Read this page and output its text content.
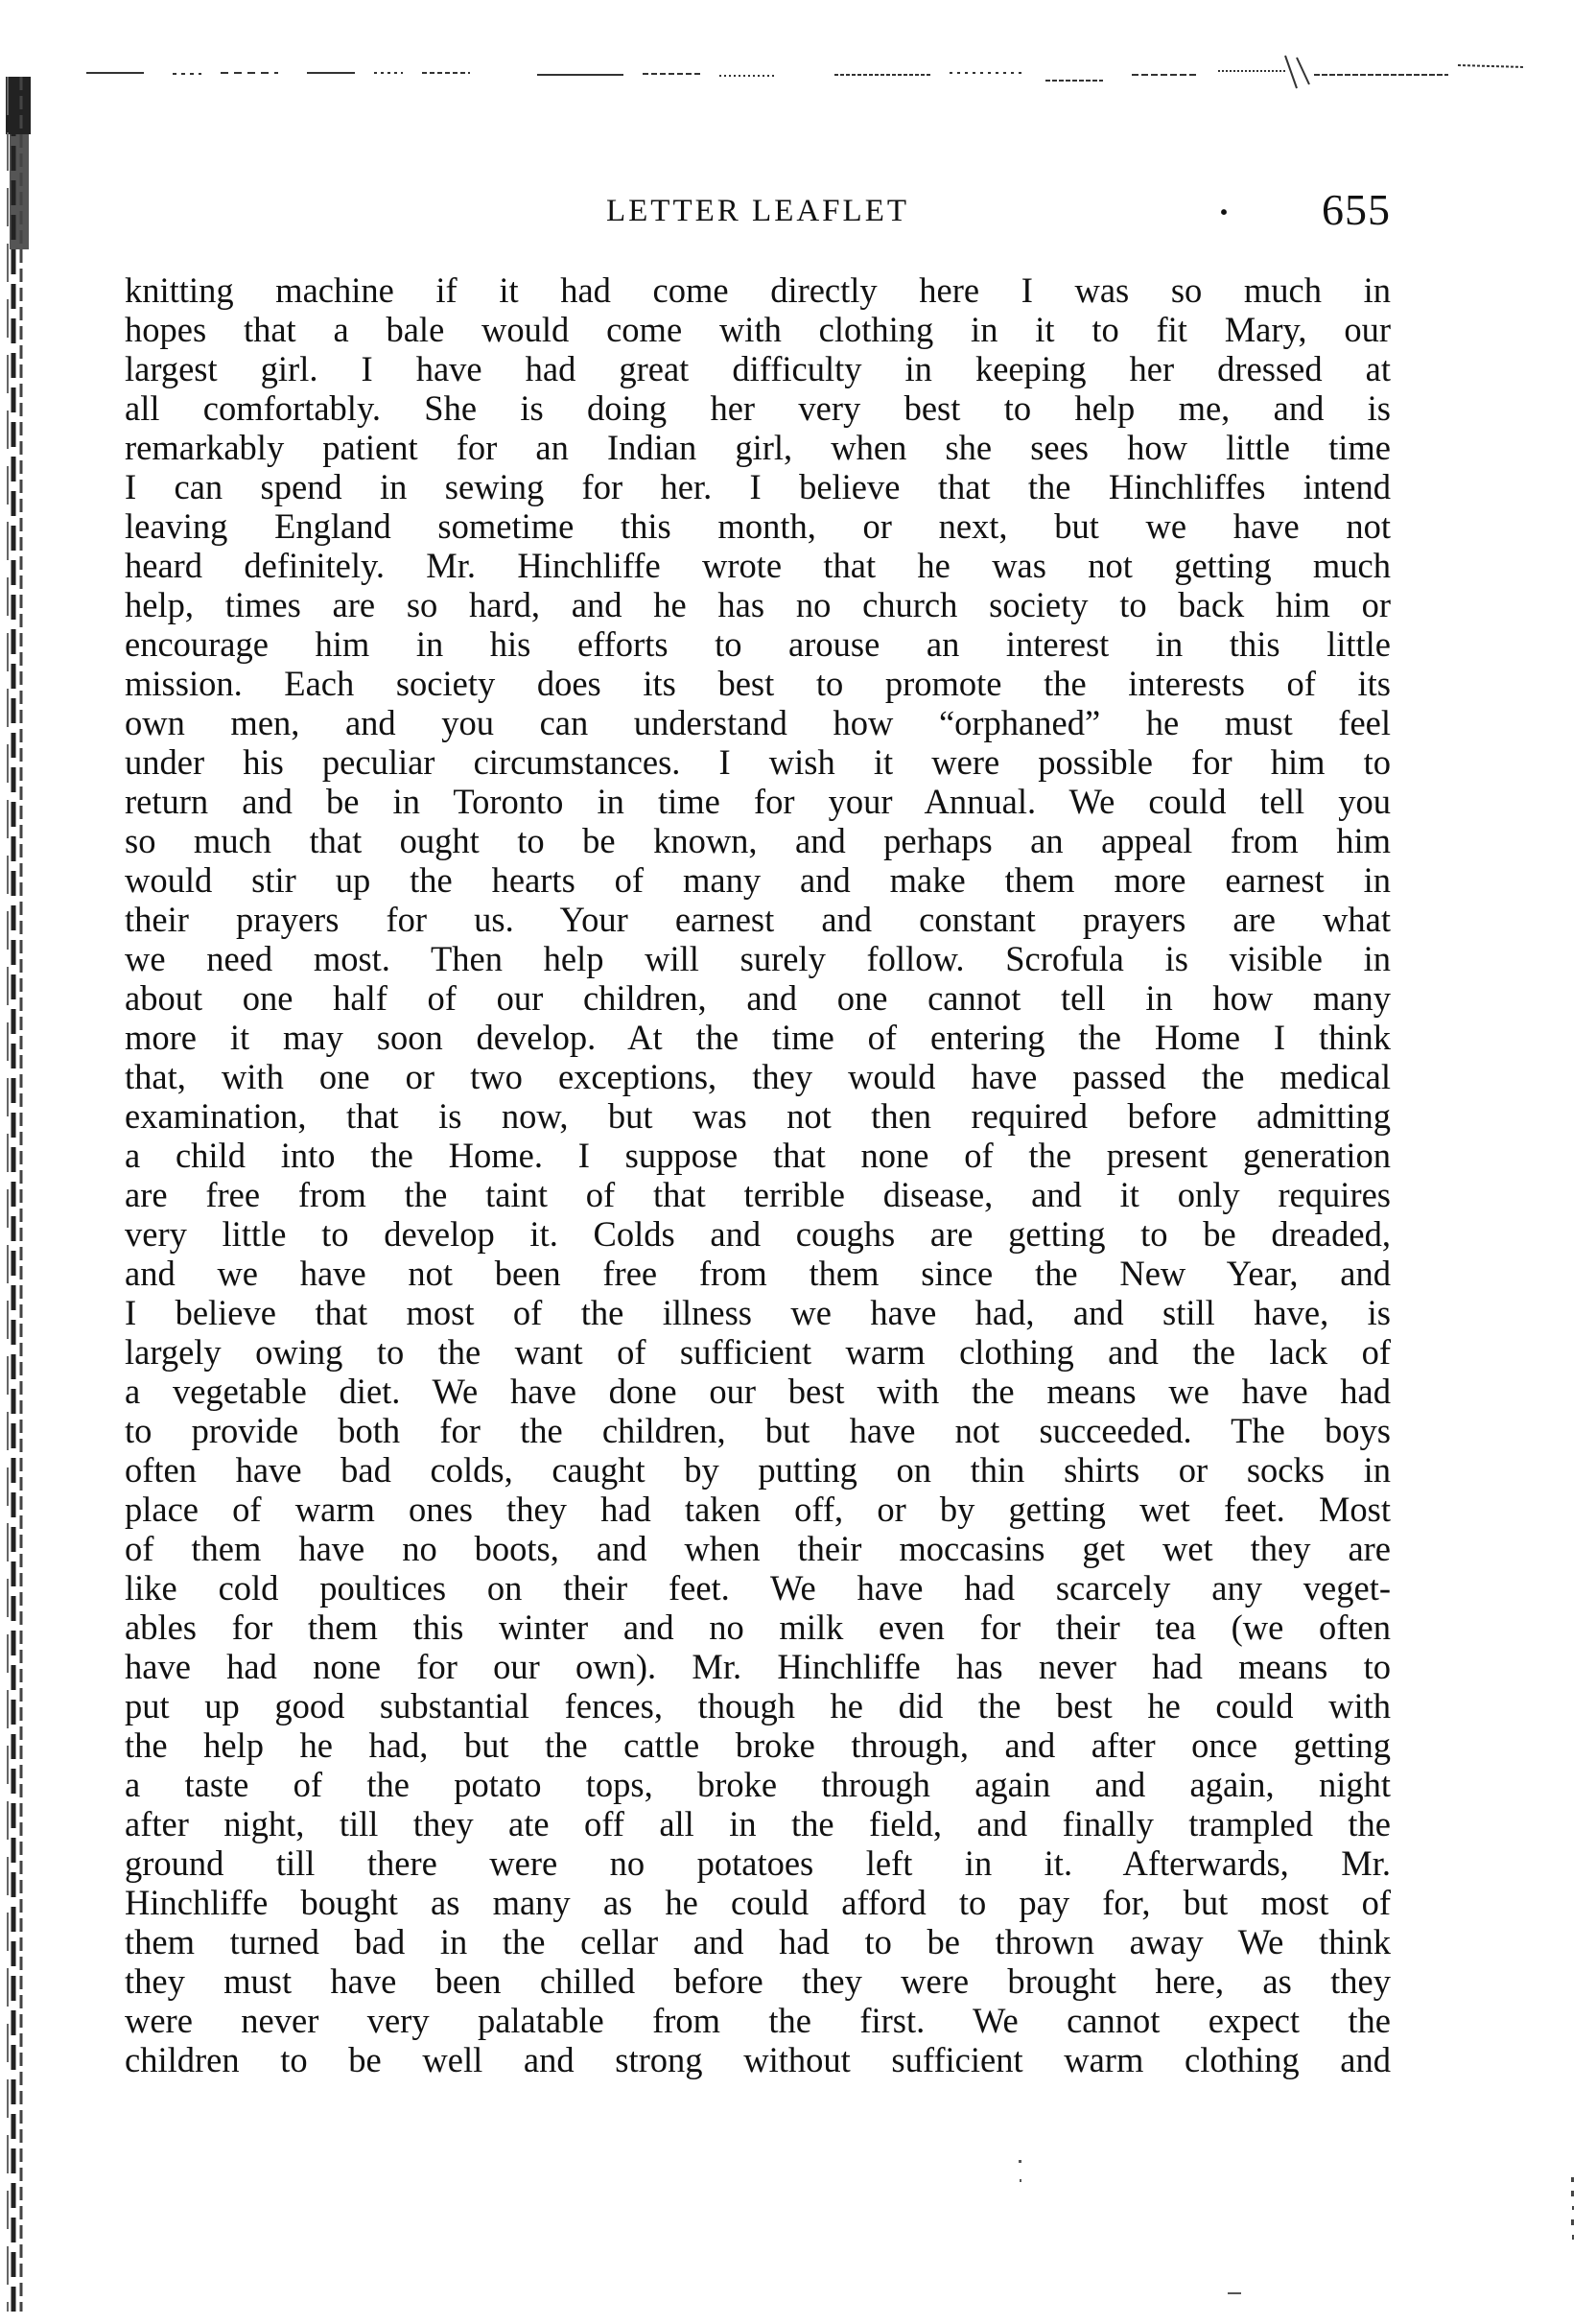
LETTER LEAFLET	· 655
knitting machine if it had come directly here I was so much in
hopes that a bale would come with clothing in it to fit Mary, our
largest girl. I have had great difficulty in keeping her dressed at
all comfortably. She is doing her very best to help me, and is
remarkably patient for an Indian girl, when she sees how little time
I can spend in sewing for her. I believe that the Hinchliffes intend
leaving England sometime this month, or next, but we have not
heard definitely. Mr. Hinchliffe wrote that he was not getting much
help, times are so hard, and he has no church society to back him or
encourage him in his efforts to arouse an interest in this little
mission. Each society does its best to promote the interests of its
own men, and you can understand how “orphaned” he must feel
under his peculiar circumstances. I wish it were possible for him to
return and be in Toronto in time for your Annual. We could tell you
so much that ought to be known, and perhaps an appeal from him
would stir up the hearts of many and make them more earnest in
their prayers for us. Your earnest and constant prayers are what
we need most. Then help will surely follow. Scrofula is visible in
about one half of our children, and one cannot tell in how many
more it may soon develop. At the time of entering the Home I think
that, with one or two exceptions, they would have passed the medical
examination, that is now, but was not then required before admitting
a child into the Home. I suppose that none of the present generation
are free from the taint of that terrible disease, and it only requires
very little to develop it. Colds and coughs are getting to be dreaded,
and we have not been free from them since the New Year, and
I believe that most of the illness we have had, and still have, is
largely owing to the want of sufficient warm clothing and the lack of
a vegetable diet. We have done our best with the means we have had
to provide both for the children, but have not succeeded. The boys
often have bad colds, caught by putting on thin shirts or socks in
place of warm ones they had taken off, or by getting wet feet. Most
of them have no boots, and when their moccasins get wet they are
like cold poultices on their feet. We have had scarcely any veget-
ables for them this winter and no milk even for their tea (we often
have had none for our own). Mr. Hinchliffe has never had means to
put up good substantial fences, though he did the best he could with
the help he had, but the cattle broke through, and after once getting
a taste of the potato tops, broke through again and again, night
after night, till they ate off all in the field, and finally trampled the
ground till there were no potatoes left in it. Afterwards, Mr.
Hinchliffe bought as many as he could afford to pay for, but most of
them turned bad in the cellar and had to be thrown away We think
they must have been chilled before they were brought here, as they
were never very palatable from the first. We cannot expect the
children to be well and strong without sufficient warm clothing and
